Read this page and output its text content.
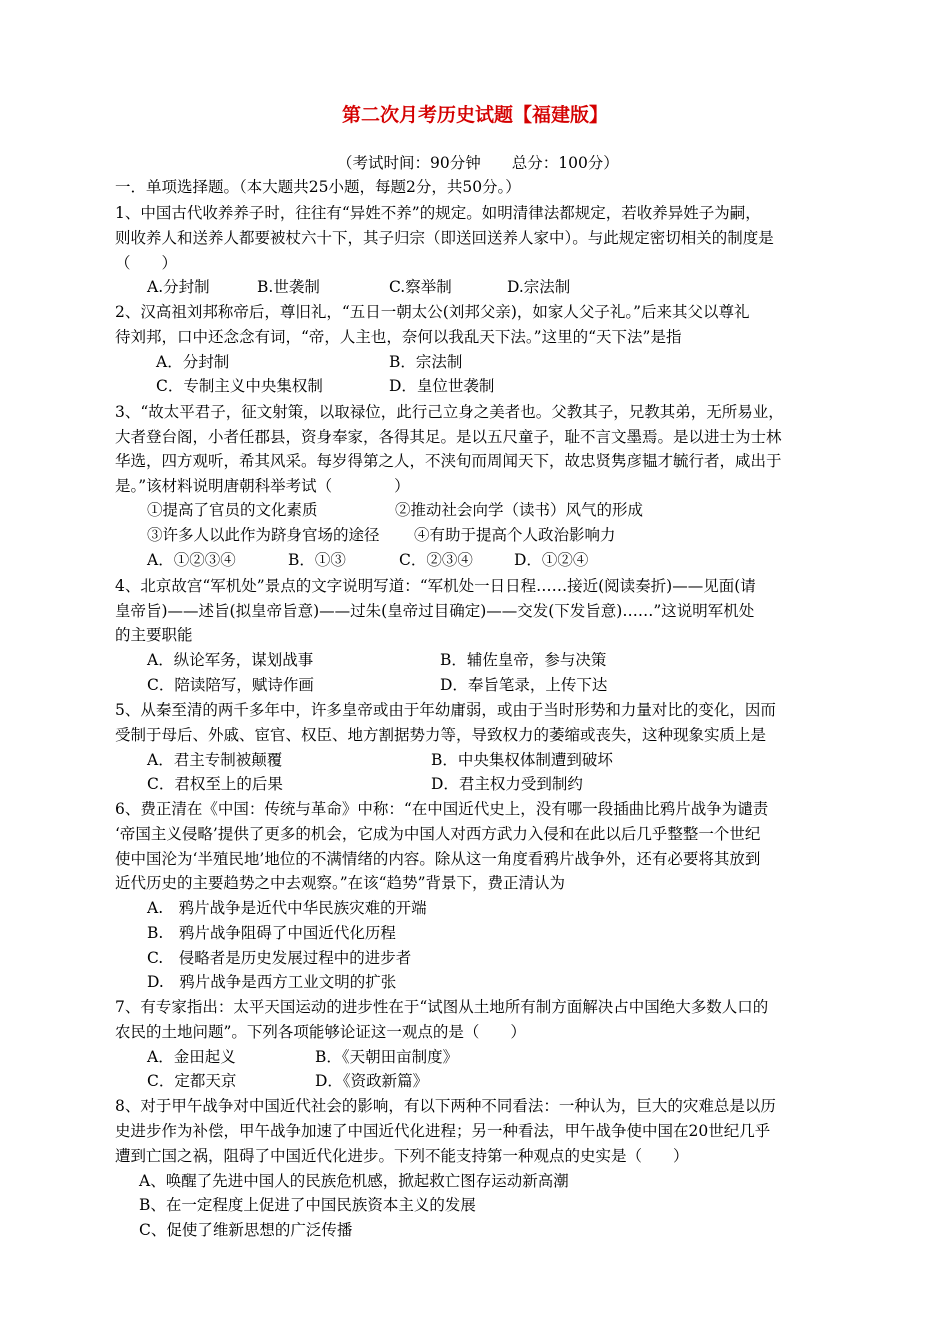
第二次月考历史试题【福建版】
（考试时间：90分钟　　总分：100分）
一．单项选择题。（本大题共25小题，每题2分，共50分。）
1、中国古代收养养子时，往往有“异姓不养”的规定。如明清律法都规定，若收养异姓子为嗣，
则收养人和送养人都要被杖六十下，其子归宗（即送回送养人家中）。与此规定密切相关的制度是
（　　）
A.分封制	B.世袭制	C.察举制	D.宗法制
2、汉高祖刘邦称帝后，尊旧礼，“五日一朝太公(刘邦父亲)，如家人父子礼。”后来其父以尊礼
待刘邦，口中还念念有词，“帝，人主也，奈何以我乱天下法。”这里的“天下法”是指
A．分封制	B．宗法制
C．专制主义中央集权制	D．皇位世袭制
3、“故太平君子，征文射策，以取禄位，此行己立身之美者也。父教其子，兄教其弟，无所易业，
大者登台阁，小者任郡县，资身奉家，各得其足。是以五尺童子，耻不言文墨焉。是以进士为士林
华选，四方观听，希其风采。每岁得第之人，不浃旬而周闻天下，故忠贤隽彦韫才毓行者，咸出于
是。”该材料说明唐朝科举考试（　　　　）
①提高了官员的文化素质	②推动社会向学（读书）风气的形成
③许多人以此作为跻身官场的途径 ④有助于提高个人政治影响力
A．①②③④	B．①③	C．②③④	D．①②④
4、北京故宫“军机处”景点的文字说明写道：“军机处一日日程……接近(阅读奏折)——见面(请
皇帝旨)——述旨(拟皇帝旨意)——过朱(皇帝过目确定)——交发(下发旨意)……”这说明军机处
的主要职能
A．纵论军务，谋划战事	B．辅佐皇帝，参与决策
C．陪读陪写，赋诗作画	D．奉旨笔录，上传下达
5、从秦至清的两千多年中，许多皇帝或由于年幼庸弱，或由于当时形势和力量对比的变化，因而
受制于母后、外戚、宦官、权臣、地方割据势力等，导致权力的萎缩或丧失，这种现象实质上是
A．君主专制被颠覆	B．中央集权体制遭到破坏
C．君权至上的后果	D．君主权力受到制约
6、费正清在《中国：传统与革命》中称：“在中国近代史上，没有哪一段插曲比鸦片战争为谴责
‘帝国主义侵略’提供了更多的机会，它成为中国人对西方武力入侵和在此以后几乎整整一个世纪
使中国沦为‘半殖民地’地位的不满情绪的内容。除从这一角度看鸦片战争外，还有必要将其放到
近代历史的主要趋势之中去观察。”在该“趋势”背景下，费正清认为
A.　鸦片战争是近代中华民族灾难的开端
B.　鸦片战争阻碍了中国近代化历程
C.　侵略者是历史发展过程中的进步者
D.　鸦片战争是西方工业文明的扩张
7、有专家指出：太平天国运动的进步性在于“试图从土地所有制方面解决占中国绝大多数人口的
农民的土地问题”。下列各项能够论证这一观点的是（　　）
A．金田起义	B．《天朝田亩制度》
C．定都天京	D．《资政新篇》
8、对于甲午战争对中国近代社会的影响，有以下两种不同看法：一种认为，巨大的灾难总是以历
史进步作为补偿，甲午战争加速了中国近代化进程；另一种看法，甲午战争使中国在20世纪几乎
遭到亡国之祸，阻碍了中国近代化进步。下列不能支持第一种观点的史实是（　　）
A、唤醒了先进中国人的民族危机感，掀起救亡图存运动新高潮
B、在一定程度上促进了中国民族资本主义的发展
C、促使了维新思想的广泛传播
